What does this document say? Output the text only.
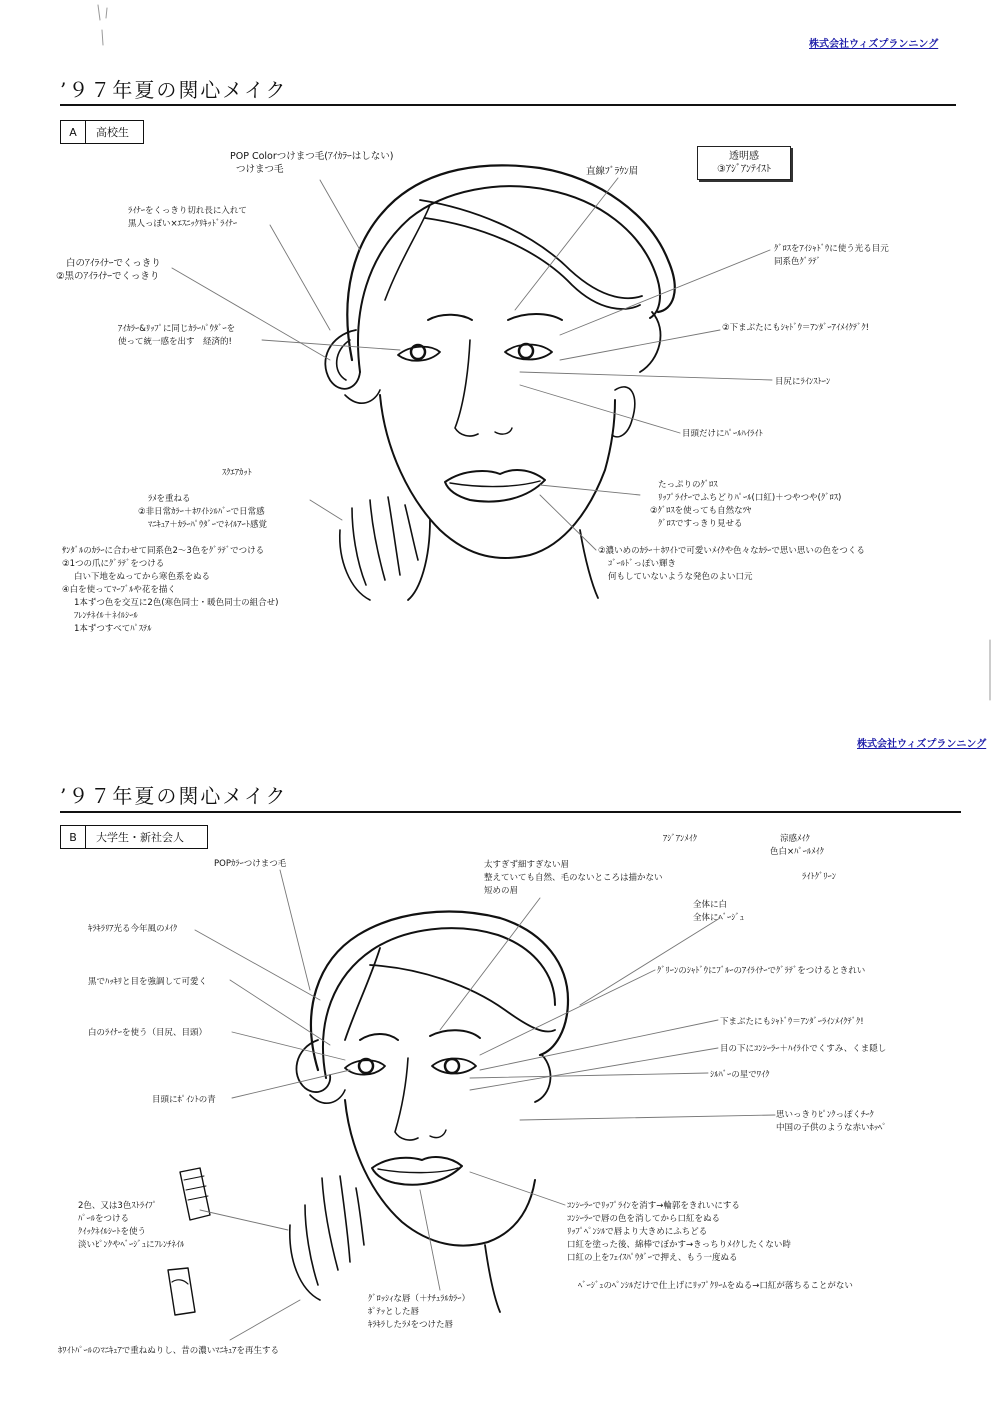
株式会社ウィズプランニング
’９７年夏の関心メイク
A	高校生
透明感
③ｱｼﾞｱﾝﾃｲｽﾄ
POP Colorつけまつ毛(ｱｲｶﾗｰはしない)
つけまつ毛
ﾗｲﾅｰをくっきり切れ長に入れて
黒人っぽい×ｴｽﾆｯｸﾘｷｯﾄﾞﾗｲﾅｰ
白のｱｲﾗｲﾅｰでくっきり
②黒のｱｲﾗｲﾅｰでくっきり
ｱｲｶﾗｰ&ﾘｯﾌﾟに同じｶﾗｰﾊﾟｳﾀﾞｰを
使って統一感を出す　経済的!
ｽｸｴｱｶｯﾄ
ﾗﾒを重ねる
②非日常ｶﾗｰ＋ﾎﾜｲﾄｼﾙﾊﾞｰで日常感
ﾏﾆｷｭｱ＋ｶﾗｰﾊﾟｳﾀﾞｰでﾈｲﾙｱｰﾄ感覚
ｻﾝﾀﾞﾙのｶﾗｰに合わせて同系色2〜3色をｸﾞﾗﾃﾞでつける
②1つの爪にｸﾞﾗﾃﾞをつける
白い下地をぬってから寒色系をぬる
④白を使ってﾏｰﾌﾞﾙや花を描く
1本ずつ色を交互に2色(寒色同士・暖色同士の組合せ)
ﾌﾚﾝﾁﾈｲﾙ＋ﾈｲﾙｼｰﾙ
1本ずつすべてﾊﾟｽﾃﾙ
直線ﾌﾞﾗｳﾝ眉
ｸﾞﾛｽをｱｲｼｬﾄﾞｳに使う光る目元
同系色ｸﾞﾗﾃﾞ
②下まぶたにもｼｬﾄﾞｳ＝ｱﾝﾀﾞｰｱｲﾒｲｸﾃﾞｸ!
目尻にﾗｲﾝｽﾄｰﾝ
目頭だけにﾊﾟｰﾙﾊｲﾗｲﾄ
たっぷりのｸﾞﾛｽ
ﾘｯﾌﾟﾗｲﾅｰでふちどりﾊﾟｰﾙ(口紅)＋つやつや(ｸﾞﾛｽ)
②ｸﾞﾛｽを使っても自然なﾂﾔ
ｸﾞﾛｽですっきり見せる
②濃いめのｶﾗｰ＋ﾎﾜｲﾄで可愛いﾒｲｸや色々なｶﾗｰで思い思いの色をつくる
ｺﾞｰﾙﾄﾞっぽい輝き
何もしていないような発色のよい口元
株式会社ウィズプランニング
’９７年夏の関心メイク
B	大学生・新社会人
POPｶﾗｰつけまつ毛
ｷﾗｷﾗﾘｱ光る今年風のﾒｲｸ
黒でﾊｯｷﾘと目を強調して可愛く
白のﾗｲﾅｰを使う（目尻、目頭）
目頭にﾎﾟｲﾝﾄの青
2色、又は3色ｽﾄﾗｲﾌﾟ
ﾊﾟｰﾙをつける
ｸｲｯｸﾈｲﾙｼｰﾄを使う
淡いﾋﾟﾝｸやﾍﾞｰｼﾞｭにﾌﾚﾝﾁﾈｲﾙ
ﾎﾜｲﾄﾊﾟｰﾙのﾏﾆｷｭｱで重ねぬりし、昔の濃いﾏﾆｷｭｱを再生する
太すぎず細すぎない眉
整えていても自然、毛のないところは描かない
短めの眉
ｱｼﾞｱﾝﾒｲｸ	涼感ﾒｲｸ
色白×ﾊﾟｰﾙﾒｲｸ
ﾗｲﾄｸﾞﾘｰﾝ
全体に白
全体にﾍﾞｰｼﾞｭ
ｸﾞﾘｰﾝのｼｬﾄﾞｳにﾌﾞﾙｰのｱｲﾗｲﾅｰでｸﾞﾗﾃﾞをつけるときれい
下まぶたにもｼｬﾄﾞｳ＝ｱﾝﾀﾞｰﾗｲﾝﾒｲｸﾃﾞｸ!
目の下にｺﾝｼｰﾗｰ＋ﾊｲﾗｲﾄでくすみ、くま隠し
ｼﾙﾊﾞｰの星でﾜｲｸ
思いっきりﾋﾟﾝｸっぽくﾁｰｸ
中国の子供のような赤いﾎｯﾍﾟ
ｺﾝｼｰﾗｰでﾘｯﾌﾟﾗｲﾝを消す→輪郭をきれいにする
ｺﾝｼｰﾗｰで唇の色を消してから口紅をぬる
ﾘｯﾌﾟﾍﾟﾝｼﾙで唇より大きめにふちどる
口紅を塗った後、綿棒でぼかす→きっちりﾒｲｸしたくない時
口紅の上をﾌｪｲｽﾊﾟｳﾀﾞｰで押え、もう一度ぬる
ﾍﾞｰｼﾞｭのﾍﾟﾝｼﾙだけで仕上げにﾘｯﾌﾟｸﾘｰﾑをぬる→口紅が落ちることがない
ｸﾞﾛｯｼｨな唇（＋ﾅﾁｭﾗﾙｶﾗｰ）
ﾎﾟﾃｯとした唇
ｷﾗｷﾗしたﾗﾒをつけた唇
